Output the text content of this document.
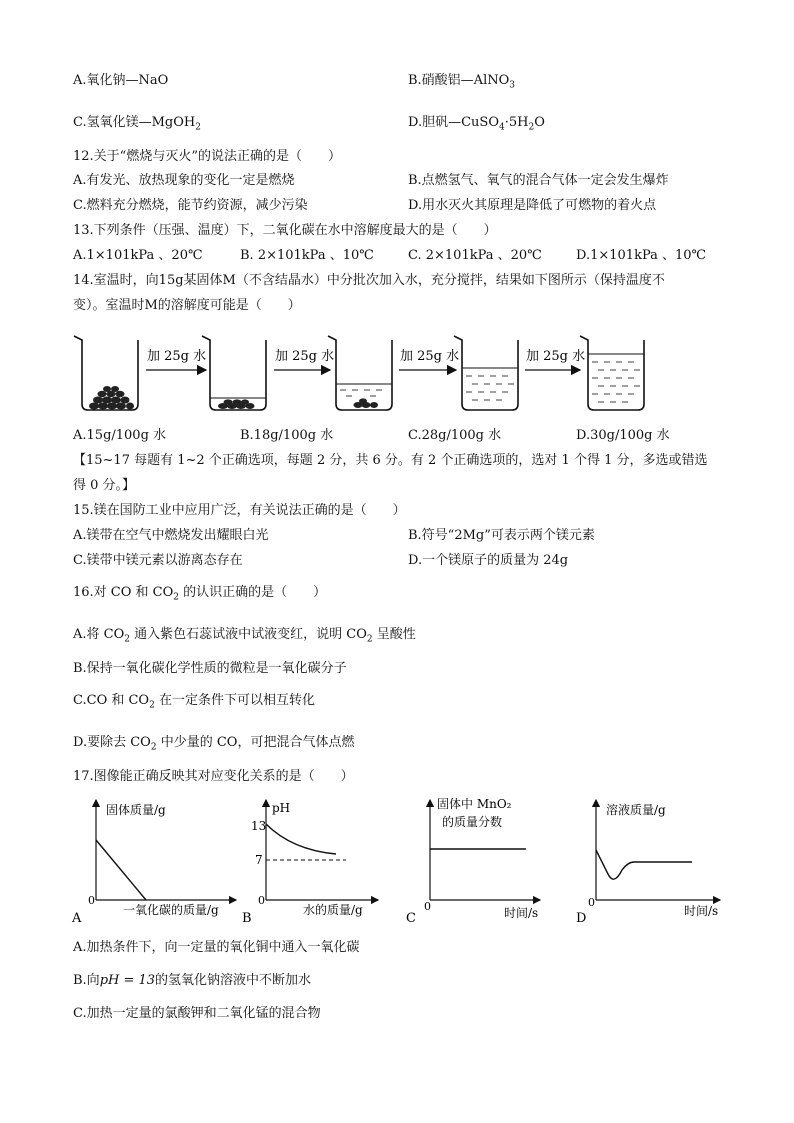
A.氧化钠—NaO	B.硝酸铝—AlNO$_3$
C.氢氧化镁—MgOH$_2$	D.胆矾$—CuSO_4\cdot 5H_2O$
12.关于“燃烧与灭火”的说法正确的是（　　）
A.有发光、放热现象的变化一定是燃烧	B.点燃氢气、氧气的混合气体一定会发生爆炸
C.燃料充分燃烧，能节约资源，减少污染	D.用水灭火其原理是降低了可燃物的着火点
13.下列条件（压强、温度）下，二氧化碳在水中溶解度最大的是（　　）
A.1×101kPa 、20℃	B. 2×101kPa 、10℃	C. 2×101kPa 、20℃	D.1×101kPa 、10℃
14.室温时，向15g某固体M（不含结晶水）中分批次加入水，充分搅拌，结果如下图所示（保持温度不
变）。室温时M的溶解度可能是（　　）
加 25g 水	加 25g 水	加 25g 水	加 25g 水
A.15g/100g 水	B.18g/100g 水	C.28g/100g 水	D.30g/100g 水
【15~17 每题有 1~2 个正确选项，每题 2 分，共 6 分。有 2 个正确选项的，选对 1 个得 1 分，多选或错选
得 0 分。】
15.镁在国防工业中应用广泛，有关说法正确的是（　　）
A.镁带在空气中燃烧发出耀眼白光	B.符号“2Mg”可表示两个镁元素
C.镁带中镁元素以游离态存在	D.一个镁原子的质量为 24g
16.对 CO 和 $CO_2$ 的认识正确的是（　　）
A.将 $CO_2$ 通入紫色石蕊试液中试液变红，说明 $CO_2$ 呈酸性
B.保持一氧化碳化学性质的微粒是一氧化碳分子
C.CO 和 $CO_2$ 在一定条件下可以相互转化
D.要除去 $CO_2$ 中少量的 CO，可把混合气体点燃
17.图像能正确反映其对应变化关系的是（　　）
固体质量/g
一氧化碳的质量/g
0
A
pH
13
7
水的质量/g
0
B
固体中 MnO₂
的质量分数
时间/s
0
C
溶液质量/g
时间/s
0
D
A.加热条件下，向一定量的氧化铜中通入一氧化碳
B.向pH = 13的氢氧化钠溶液中不断加水
C.加热一定量的氯酸钾和二氧化锰的混合物
